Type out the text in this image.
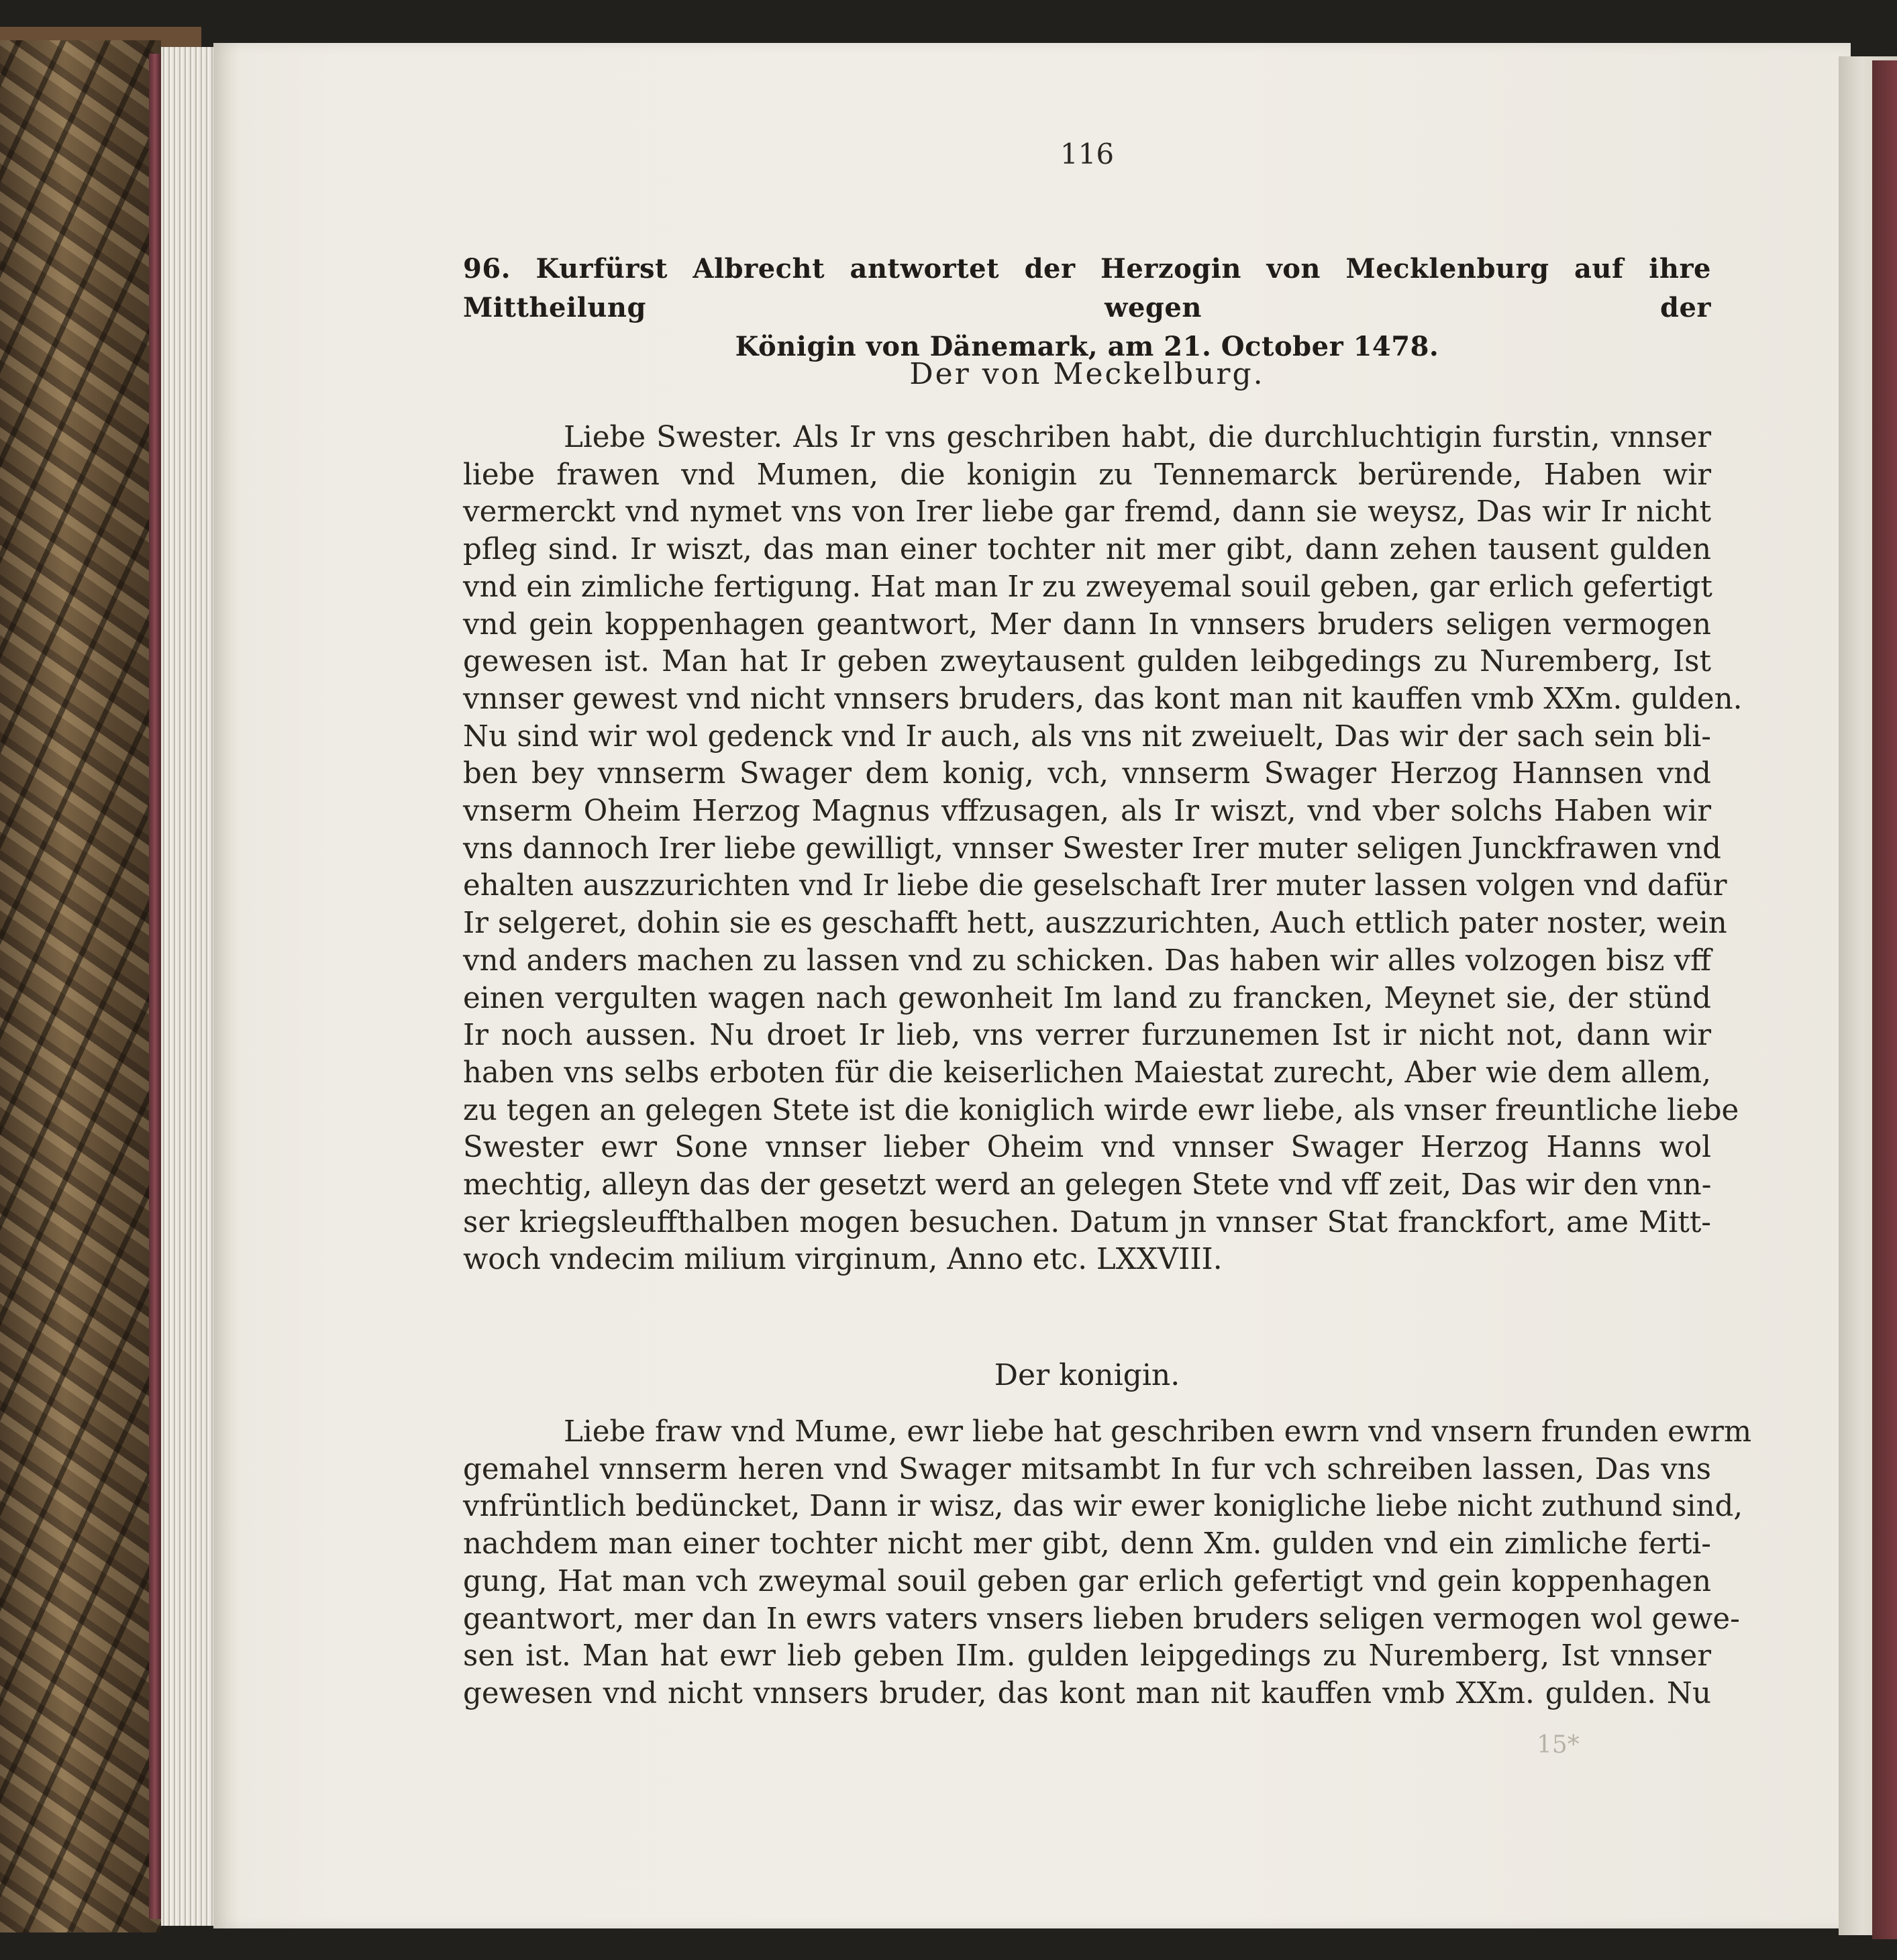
116
96. Kurfürst Albrecht antwortet der Herzogin von Mecklenburg auf ihre Mittheilung wegen der
Königin von Dänemark, am 21. October 1478.
Der von Meckelburg.
Liebe Swester. Als Ir vns geschriben habt, die durchluchtigin furstin, vnnser
liebe frawen vnd Mumen, die konigin zu Tennemarck berürende, Haben wir
vermerckt vnd nymet vns von Irer liebe gar fremd, dann sie weysz, Das wir Ir nicht
pfleg sind. Ir wiszt, das man einer tochter nit mer gibt, dann zehen tausent gulden
vnd ein zimliche fertigung. Hat man Ir zu zweyemal souil geben, gar erlich gefertigt
vnd gein koppenhagen geantwort, Mer dann In vnnsers bruders seligen vermogen
gewesen ist. Man hat Ir geben zweytausent gulden leibgedings zu Nuremberg, Ist
vnnser gewest vnd nicht vnnsers bruders, das kont man nit kauffen vmb XXm. gulden.
Nu sind wir wol gedenck vnd Ir auch, als vns nit zweiuelt, Das wir der sach sein bli-
ben bey vnnserm Swager dem konig, vch, vnnserm Swager Herzog Hannsen vnd
vnserm Oheim Herzog Magnus vffzusagen, als Ir wiszt, vnd vber solchs Haben wir
vns dannoch Irer liebe gewilligt, vnnser Swester Irer muter seligen Junckfrawen vnd
ehalten auszzurichten vnd Ir liebe die geselschaft Irer muter lassen volgen vnd dafür
Ir selgeret, dohin sie es geschafft hett, auszzurichten, Auch ettlich pater noster, wein
vnd anders machen zu lassen vnd zu schicken. Das haben wir alles volzogen bisz vff
einen vergulten wagen nach gewonheit Im land zu francken, Meynet sie, der stünd
Ir noch aussen. Nu droet Ir lieb, vns verrer furzunemen Ist ir nicht not, dann wir
haben vns selbs erboten für die keiserlichen Maiestat zurecht, Aber wie dem allem,
zu tegen an gelegen Stete ist die koniglich wirde ewr liebe, als vnser freuntliche liebe
Swester ewr Sone vnnser lieber Oheim vnd vnnser Swager Herzog Hanns wol
mechtig, alleyn das der gesetzt werd an gelegen Stete vnd vff zeit, Das wir den vnn-
ser kriegsleuffthalben mogen besuchen. Datum jn vnnser Stat franckfort, ame Mitt-
woch vndecim milium virginum, Anno etc. LXXVIII.
Der konigin.
Liebe fraw vnd Mume, ewr liebe hat geschriben ewrn vnd vnsern frunden ewrm
gemahel vnnserm heren vnd Swager mitsambt In fur vch schreiben lassen, Das vns
vnfrüntlich bedüncket, Dann ir wisz, das wir ewer konigliche liebe nicht zuthund sind,
nachdem man einer tochter nicht mer gibt, denn Xm. gulden vnd ein zimliche ferti-
gung, Hat man vch zweymal souil geben gar erlich gefertigt vnd gein koppenhagen
geantwort, mer dan In ewrs vaters vnsers lieben bruders seligen vermogen wol gewe-
sen ist. Man hat ewr lieb geben IIm. gulden leipgedings zu Nuremberg, Ist vnnser
gewesen vnd nicht vnnsers bruder, das kont man nit kauffen vmb XXm. gulden. Nu
15*
